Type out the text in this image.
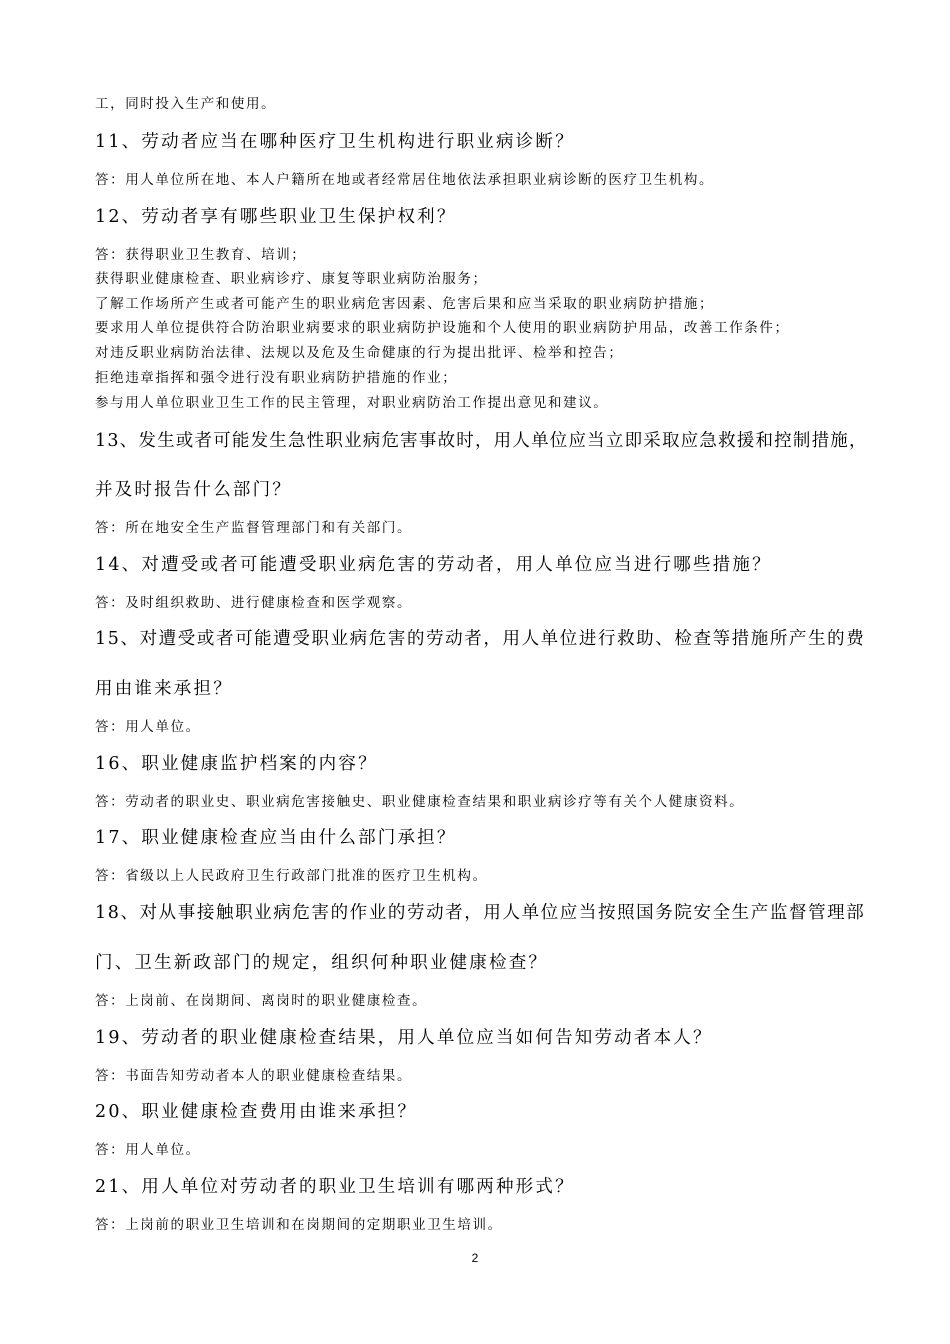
工，同时投入生产和使用。
11、劳动者应当在哪种医疗卫生机构进行职业病诊断？
答：用人单位所在地、本人户籍所在地或者经常居住地依法承担职业病诊断的医疗卫生机构。
12、劳动者享有哪些职业卫生保护权利？
答：获得职业卫生教育、培训；
获得职业健康检查、职业病诊疗、康复等职业病防治服务；
了解工作场所产生或者可能产生的职业病危害因素、危害后果和应当采取的职业病防护措施；
要求用人单位提供符合防治职业病要求的职业病防护设施和个人使用的职业病防护用品，改善工作条件；
对违反职业病防治法律、法规以及危及生命健康的行为提出批评、检举和控告；
拒绝违章指挥和强令进行没有职业病防护措施的作业；
参与用人单位职业卫生工作的民主管理，对职业病防治工作提出意见和建议。
13、发生或者可能发生急性职业病危害事故时，用人单位应当立即采取应急救援和控制措施，
并及时报告什么部门？
答：所在地安全生产监督管理部门和有关部门。
14、对遭受或者可能遭受职业病危害的劳动者，用人单位应当进行哪些措施？
答：及时组织救助、进行健康检查和医学观察。
15、对遭受或者可能遭受职业病危害的劳动者，用人单位进行救助、检查等措施所产生的费
用由谁来承担？
答：用人单位。
16、职业健康监护档案的内容？
答：劳动者的职业史、职业病危害接触史、职业健康检查结果和职业病诊疗等有关个人健康资料。
17、职业健康检查应当由什么部门承担？
答：省级以上人民政府卫生行政部门批准的医疗卫生机构。
18、对从事接触职业病危害的作业的劳动者，用人单位应当按照国务院安全生产监督管理部
门、卫生新政部门的规定，组织何种职业健康检查？
答：上岗前、在岗期间、离岗时的职业健康检查。
19、劳动者的职业健康检查结果，用人单位应当如何告知劳动者本人？
答：书面告知劳动者本人的职业健康检查结果。
20、职业健康检查费用由谁来承担？
答：用人单位。
21、用人单位对劳动者的职业卫生培训有哪两种形式？
答：上岗前的职业卫生培训和在岗期间的定期职业卫生培训。
2
